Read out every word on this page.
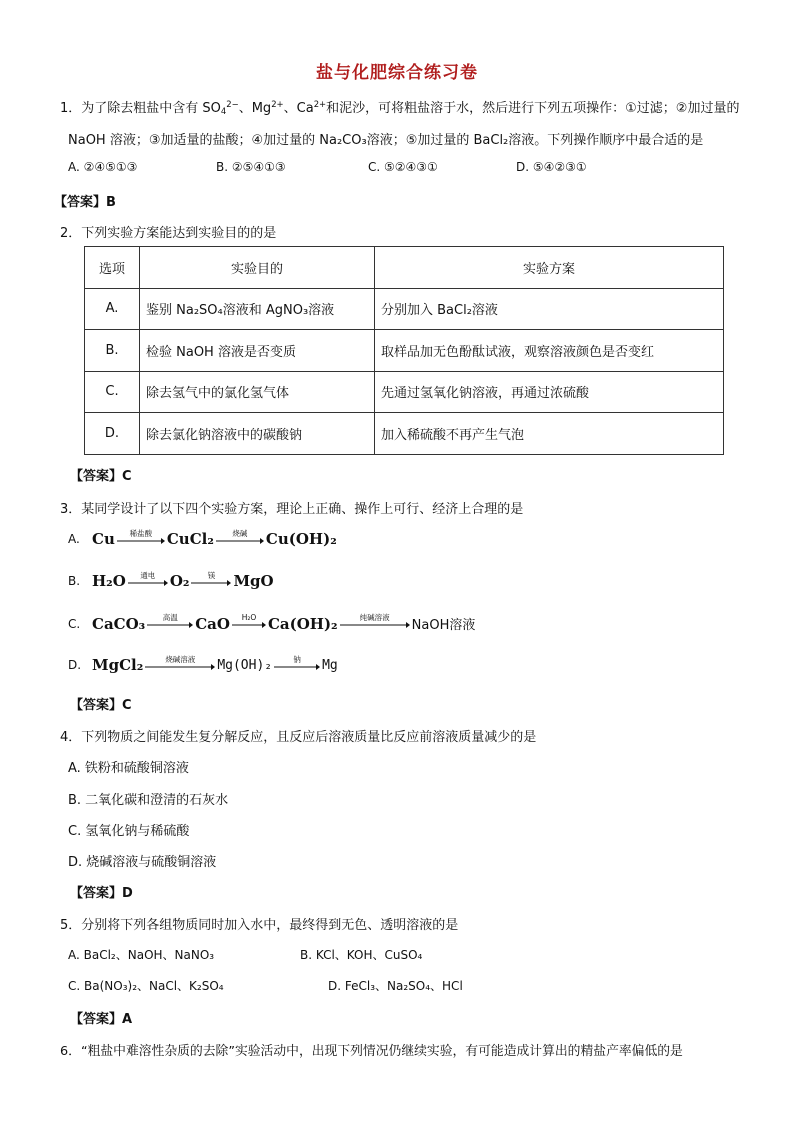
盐与化肥综合练习卷
1．为了除去粗盐中含有 $SO_4^{2-}$、$Mg^{2+}$、$Ca^{2+}$和泥沙，可将粗盐溶于水，然后进行下列五项操作：①过滤；②加过量的
NaOH 溶液；③加适量的盐酸；④加过量的 Na₂CO₃溶液；⑤加过量的 BaCl₂溶液。下列操作顺序中最合适的是
A. ②④⑤①③	B. ②⑤④①③	C. ⑤②④③①	D. ⑤④②③①
【答案】B
2．下列实验方案能达到实验目的的是
选项	实验目的	实验方案
A.	鉴别 Na₂SO₄溶液和 AgNO₃溶液	分别加入 BaCl₂溶液
B.	检验 NaOH 溶液是否变质	取样品加无色酚酞试液，观察溶液颜色是否变红
C.	除去氢气中的氯化氢气体	先通过氢氧化钠溶液，再通过浓硫酸
D.	除去氯化钠溶液中的碳酸钠	加入稀硫酸不再产生气泡
【答案】C
3．某同学设计了以下四个实验方案，理论上正确、操作上可行、经济上合理的是
A. Cu 稀盐酸 CuCl₂ 烧碱 Cu(OH)₂
B. H₂O 通电 O₂ 镁 MgO
C. CaCO₃ 高温 CaO H₂O Ca(OH)₂	纯碱溶液
NaOH溶液
D. MgCl₂	烧碱溶液 Mg(OH)₂	钠 Mg
【答案】C
4．下列物质之间能发生复分解反应，且反应后溶液质量比反应前溶液质量减少的是
A. 铁粉和硫酸铜溶液
B. 二氧化碳和澄清的石灰水
C. 氢氧化钠与稀硫酸
D. 烧碱溶液与硫酸铜溶液
【答案】D
5．分别将下列各组物质同时加入水中，最终得到无色、透明溶液的是
A. BaCl₂、NaOH、NaNO₃	B. KCl、KOH、CuSO₄
C. Ba(NO₃)₂、NaCl、K₂SO₄	D. FeCl₃、Na₂SO₄、HCl
【答案】A
6．“粗盐中难溶性杂质的去除”实验活动中，出现下列情况仍继续实验，有可能造成计算出的精盐产率偏低的是
